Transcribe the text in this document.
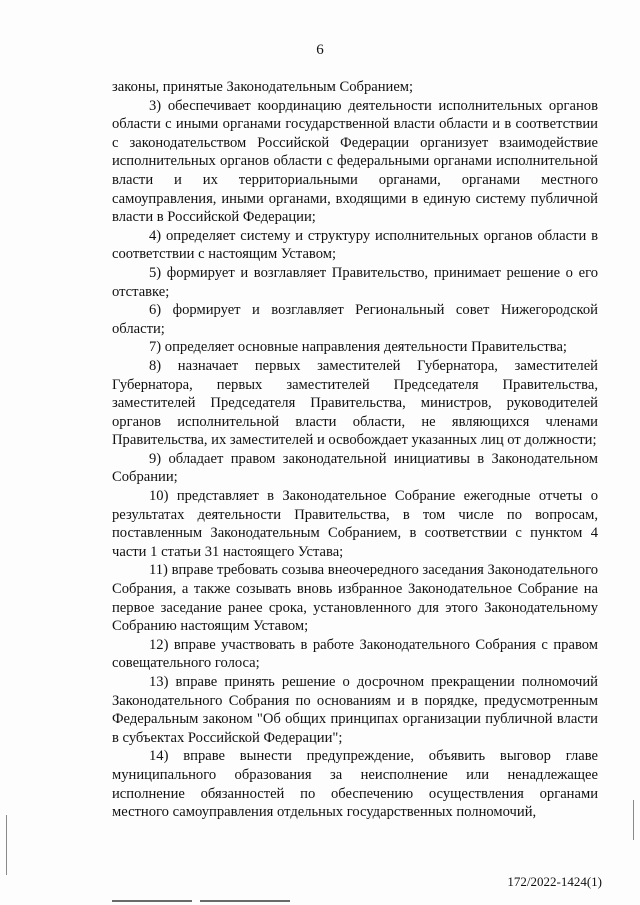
6

законы, принятые Законодательным Собранием;

3) обеспечивает координацию деятельности исполнительных органов области с иными органами государственной власти области и в соответствии с законодательством Российской Федерации организует взаимодействие исполнительных органов области с федеральными органами исполнительной власти и их территориальными органами, органами местного самоуправления, иными органами, входящими в единую систему публичной власти в Российской Федерации;

4) определяет систему и структуру исполнительных органов области в соответствии с настоящим Уставом;

5) формирует и возглавляет Правительство, принимает решение о его отставке;

6) формирует и возглавляет Региональный совет Нижегородской области;

7) определяет основные направления деятельности Правительства;

8) назначает первых заместителей Губернатора, заместителей Губернатора, первых заместителей Председателя Правительства, заместителей Председателя Правительства, министров, руководителей органов исполнительной власти области, не являющихся членами Правительства, их заместителей и освобождает указанных лиц от должности;

9) обладает правом законодательной инициативы в Законодательном Собрании;

10) представляет в Законодательное Собрание ежегодные отчеты о результатах деятельности Правительства, в том числе по вопросам, поставленным Законодательным Собранием, в соответствии с пунктом 4 части 1 статьи 31 настоящего Устава;

11) вправе требовать созыва внеочередного заседания Законодательного Собрания, а также созывать вновь избранное Законодательное Собрание на первое заседание ранее срока, установленного для этого Законодательному Собранию настоящим Уставом;

12) вправе участвовать в работе Законодательного Собрания с правом совещательного голоса;

13) вправе принять решение о досрочном прекращении полномочий Законодательного Собрания по основаниям и в порядке, предусмотренным Федеральным законом "Об общих принципах организации публичной власти в субъектах Российской Федерации";

14) вправе вынести предупреждение, объявить выговор главе муниципального образования за неисполнение или ненадлежащее исполнение обязанностей по обеспечению осуществления органами местного самоуправления отдельных государственных полномочий,

172/2022-1424(1)
